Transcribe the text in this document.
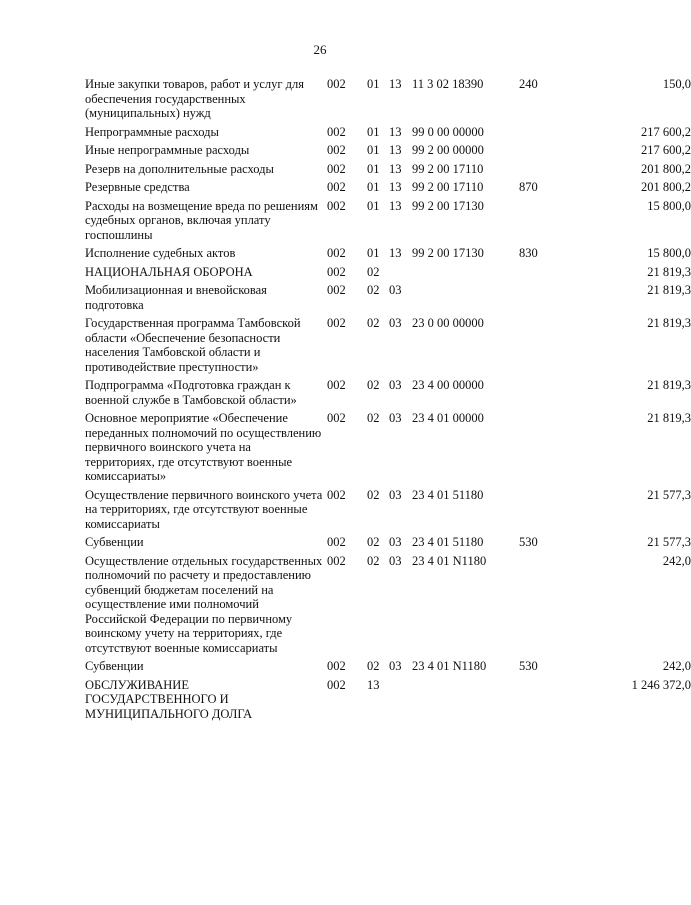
26
Иные закупки товаров, работ и услуг для обеспечения государственных (муниципальных) нужд	002	01	13	11 3 02 18390	240	150,0
Непрограммные расходы	002	01	13	99 0 00 00000		217 600,2
Иные непрограммные расходы	002	01	13	99 2 00 00000		217 600,2
Резерв на дополнительные расходы	002	01	13	99 2 00 17110		201 800,2
Резервные средства	002	01	13	99 2 00 17110	870	201 800,2
Расходы на возмещение вреда по решениям судебных органов, включая уплату госпошлины	002	01	13	99 2 00 17130		15 800,0
Исполнение судебных актов	002	01	13	99 2 00 17130	830	15 800,0
НАЦИОНАЛЬНАЯ ОБОРОНА	002	02				21 819,3
Мобилизационная и вневойсковая подготовка	002	02	03			21 819,3
Государственная программа Тамбовской области «Обеспечение безопасности населения Тамбовской области и противодействие преступности»	002	02	03	23 0 00 00000		21 819,3
Подпрограмма «Подготовка граждан к военной службе в Тамбовской области»	002	02	03	23 4 00 00000		21 819,3
Основное мероприятие «Обеспечение переданных полномочий по осуществлению первичного воинского учета на территориях, где отсутствуют военные комиссариаты»	002	02	03	23 4 01 00000		21 819,3
Осуществление первичного воинского учета на территориях, где отсутствуют военные комиссариаты	002	02	03	23 4 01 51180		21 577,3
Субвенции	002	02	03	23 4 01 51180	530	21 577,3
Осуществление отдельных государственных полномочий по расчету и предоставлению субвенций бюджетам поселений на осуществление ими полномочий Российской Федерации по первичному воинскому учету на территориях, где отсутствуют военные комиссариаты	002	02	03	23 4 01 N1180		242,0
Субвенции	002	02	03	23 4 01 N1180	530	242,0
ОБСЛУЖИВАНИЕ ГОСУДАРСТВЕННОГО И МУНИЦИПАЛЬНОГО ДОЛГА	002	13				1 246 372,0
